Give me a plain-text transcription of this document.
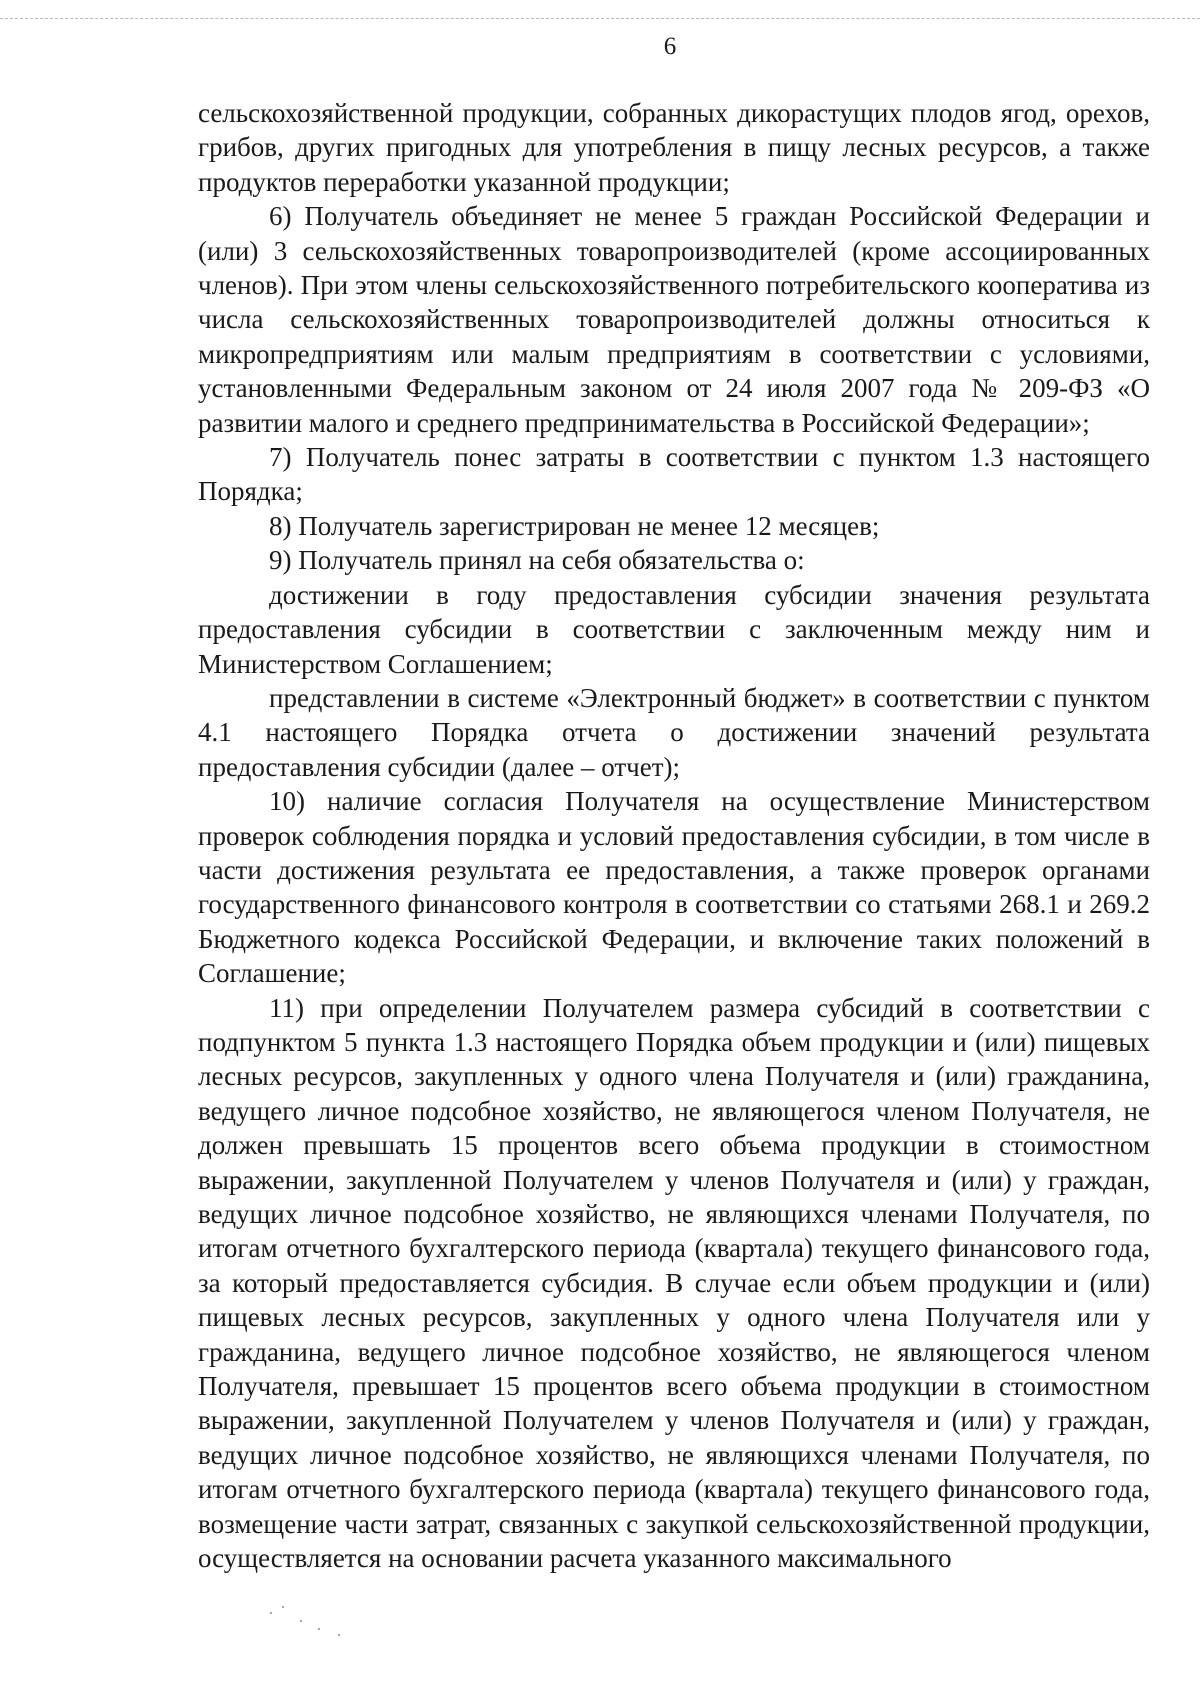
6

сельскохозяйственной продукции, собранных дикорастущих плодов ягод, орехов, грибов, других пригодных для употребления в пищу лесных ресурсов, а также продуктов переработки указанной продукции;

6) Получатель объединяет не менее 5 граждан Российской Федерации и (или) 3 сельскохозяйственных товаропроизводителей (кроме ассоциированных членов). При этом члены сельскохозяйственного потребительского кооператива из числа сельскохозяйственных товаропроизводителей должны относиться к микропредприятиям или малым предприятиям в соответствии с условиями, установленными Федеральным законом от 24 июля 2007 года № 209-ФЗ «О развитии малого и среднего предпринимательства в Российской Федерации»;

7) Получатель понес затраты в соответствии с пунктом 1.3 настоящего Порядка;

8) Получатель зарегистрирован не менее 12 месяцев;

9) Получатель принял на себя обязательства о:

достижении в году предоставления субсидии значения результата предоставления субсидии в соответствии с заключенным между ним и Министерством Соглашением;

представлении в системе «Электронный бюджет» в соответствии с пунктом 4.1 настоящего Порядка отчета о достижении значений результата предоставления субсидии (далее – отчет);

10) наличие согласия Получателя на осуществление Министерством проверок соблюдения порядка и условий предоставления субсидии, в том числе в части достижения результата ее предоставления, а также проверок органами государственного финансового контроля в соответствии со статьями 268.1 и 269.2 Бюджетного кодекса Российской Федерации, и включение таких положений в Соглашение;

11) при определении Получателем размера субсидий в соответствии с подпунктом 5 пункта 1.3 настоящего Порядка объем продукции и (или) пищевых лесных ресурсов, закупленных у одного члена Получателя и (или) гражданина, ведущего личное подсобное хозяйство, не являющегося членом Получателя, не должен превышать 15 процентов всего объема продукции в стоимостном выражении, закупленной Получателем у членов Получателя и (или) у граждан, ведущих личное подсобное хозяйство, не являющихся членами Получателя, по итогам отчетного бухгалтерского периода (квартала) текущего финансового года, за который предоставляется субсидия. В случае если объем продукции и (или) пищевых лесных ресурсов, закупленных у одного члена Получателя или у гражданина, ведущего личное подсобное хозяйство, не являющегося членом Получателя, превышает 15 процентов всего объема продукции в стоимостном выражении, закупленной Получателем у членов Получателя и (или) у граждан, ведущих личное подсобное хозяйство, не являющихся членами Получателя, по итогам отчетного бухгалтерского периода (квартала) текущего финансового года, возмещение части затрат, связанных с закупкой сельскохозяйственной продукции, осуществляется на основании расчета указанного максимального
